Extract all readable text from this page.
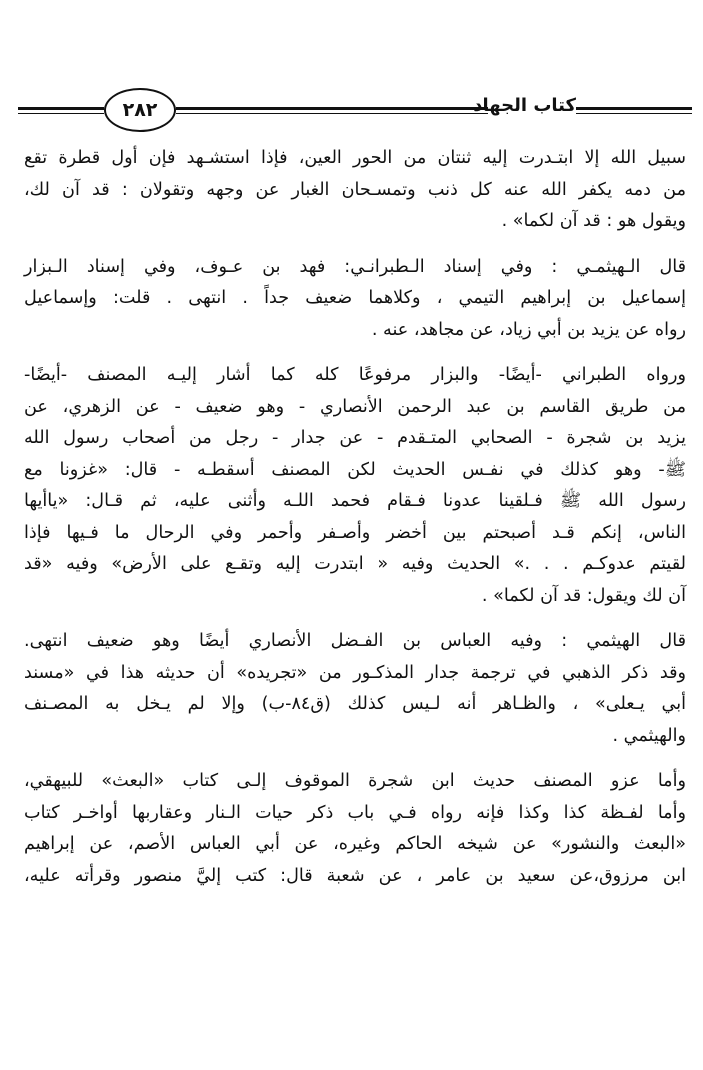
٢٨٢	كتاب الجهاد
سبيل الله إلا ابتـدرت إليه ثنتان من الحور العين، فإذا استشـهد فإن أول قطرة تقع
من دمه يكفر الله عنه كل ذنب وتمسـحان الغبار عن وجهه وتقولان : قد آن لك،
ويقول هو : قد آن لكما» .
قال الـهيثمـي : وفي إسناد الـطبرانـي: فهد بن عـوف، وفي إسناد الـبزار
إسماعيل بن إبراهيم التيمي ، وكلاهما ضعيف جداً . انتهى . قلت: وإسماعيل
رواه عن يزيد بن أبي زياد، عن مجاهد، عنه .
ورواه الطبراني -أيضًا- والبزار مرفوعًا كله كما أشار إليـه المصنف -أيضًا-
من طريق القاسم بن عبد الرحمن الأنصاري - وهو ضعيف - عن الزهري، عن
يزيد بن شجرة - الصحابي المتـقدم - عن جدار - رجل من أصحاب رسول الله
ﷺ- وهو كذلك في نفـس الحديث لكن المصنف أسقطـه - قال: «غزونا مع
رسول الله ﷺ فـلقينا عدونا فـقام فحمد اللـه وأثنى عليه، ثم قـال: «ياأيها
الناس، إنكم قـد أصبحتم بين أخضر وأصـفر وأحمر وفي الرحال ما فـيها فإذا
لقيتم عدوكـم . . .» الحديث وفيه « ابتدرت إليه وتقـع على الأرض» وفيه «قد
آن لك ويقول: قد آن لكما» .
قال الهيثمي : وفيه العباس بن الفـضل الأنصاري أيضًا وهو ضعيف انتهى.
وقد ذكر الذهبي في ترجمة جدار المذكـور من «تجريده» أن حديثه هذا في «مسند
أبي يـعلى» ، والظـاهر أنه لـيس كذلك (ق٨٤-ب) وإلا لم يـخل به المصـنف
والهيثمي .
وأما عزو المصنف حديث ابن شجرة الموقوف إلـى كتاب «البعث» للبيهقي،
وأما لفـظة كذا وكذا فإنه رواه فـي باب ذكر حيات الـنار وعقاربها أواخـر كتاب
«البعث والنشور» عن شيخه الحاكم وغيره، عن أبي العباس الأصم، عن إبراهيم
ابن مرزوق،عن سعيد بن عامر ، عن شعبة قال: كتب إليَّ منصور وقرأته عليه،
